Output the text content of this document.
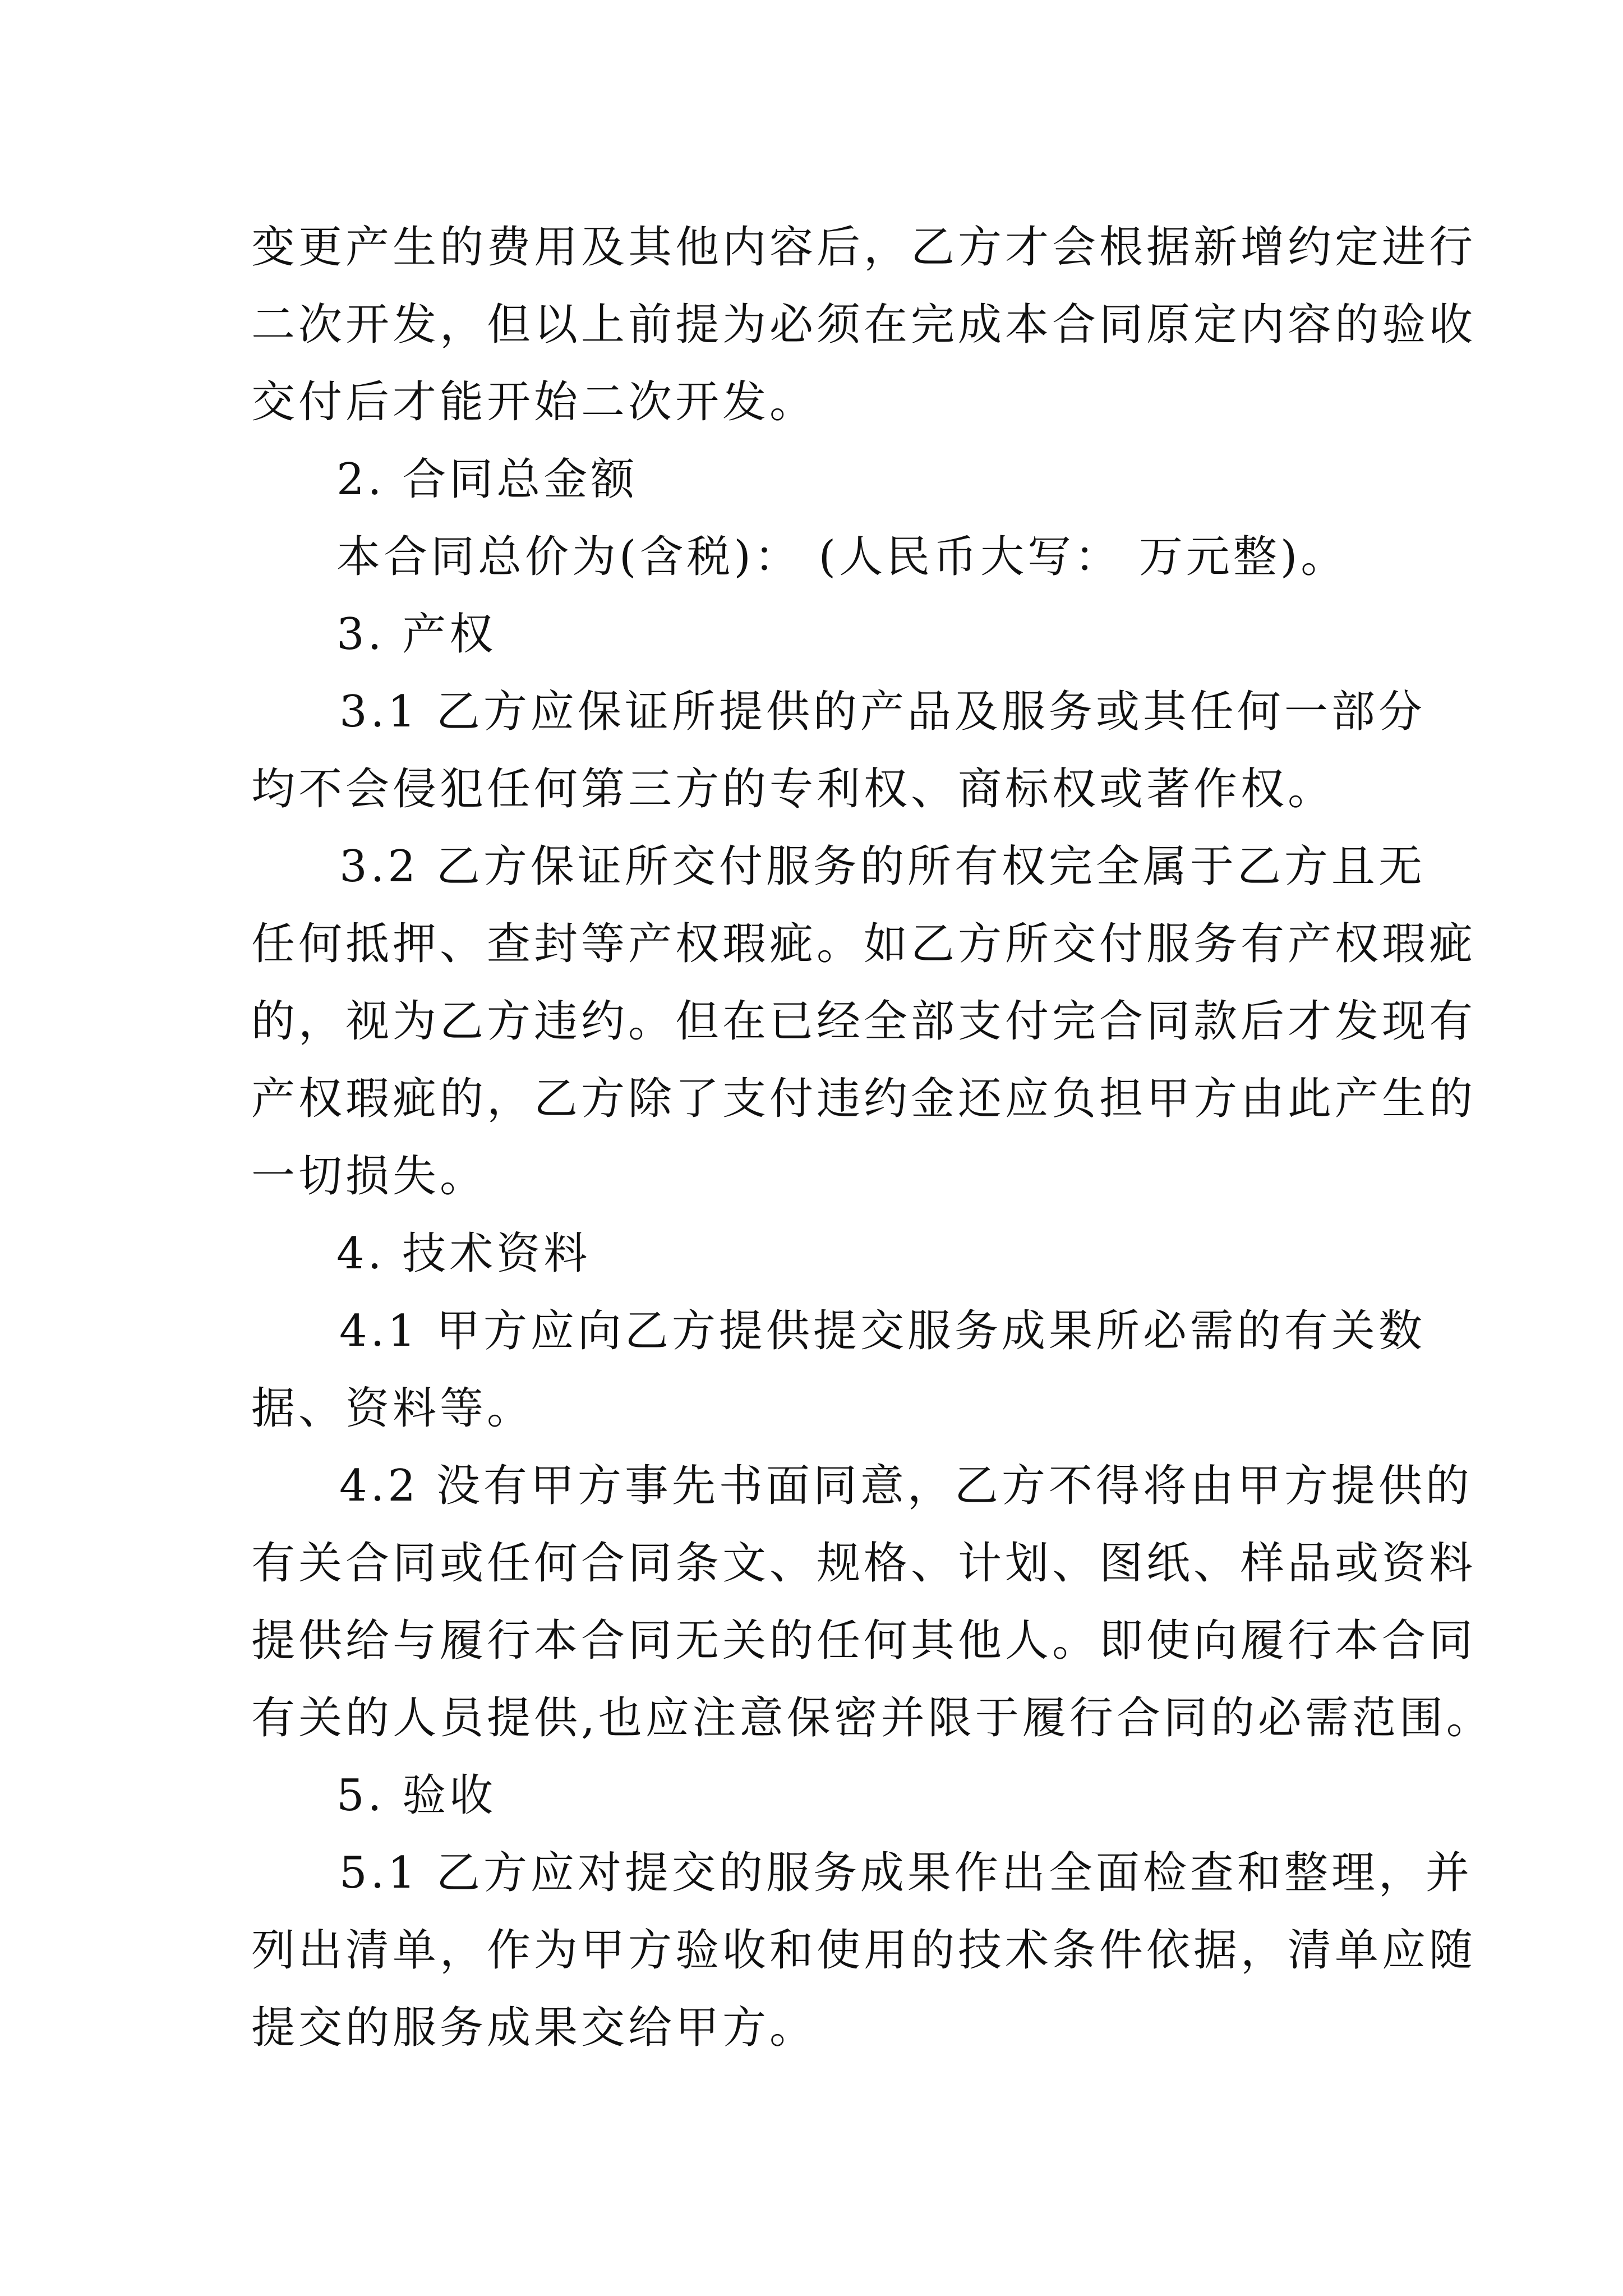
变更产生的费用及其他内容后，乙方才会根据新增约定进行
二次开发，但以上前提为必须在完成本合同原定内容的验收
交付后才能开始二次开发。
2. 合同总金额
本合同总价为(含税)： (人民币大写： 万元整)。
3. 产权
3.1 乙方应保证所提供的产品及服务或其任何一部分
均不会侵犯任何第三方的专利权、商标权或著作权。
3.2 乙方保证所交付服务的所有权完全属于乙方且无
任何抵押、查封等产权瑕疵。如乙方所交付服务有产权瑕疵
的，视为乙方违约。但在已经全部支付完合同款后才发现有
产权瑕疵的，乙方除了支付违约金还应负担甲方由此产生的
一切损失。
4. 技术资料
4.1 甲方应向乙方提供提交服务成果所必需的有关数
据、资料等。
4.2 没有甲方事先书面同意，乙方不得将由甲方提供的
有关合同或任何合同条文、规格、计划、图纸、样品或资料
提供给与履行本合同无关的任何其他人。即使向履行本合同
有关的人员提供,也应注意保密并限于履行合同的必需范围。
5. 验收
5.1 乙方应对提交的服务成果作出全面检查和整理，并
列出清单，作为甲方验收和使用的技术条件依据，清单应随
提交的服务成果交给甲方。
